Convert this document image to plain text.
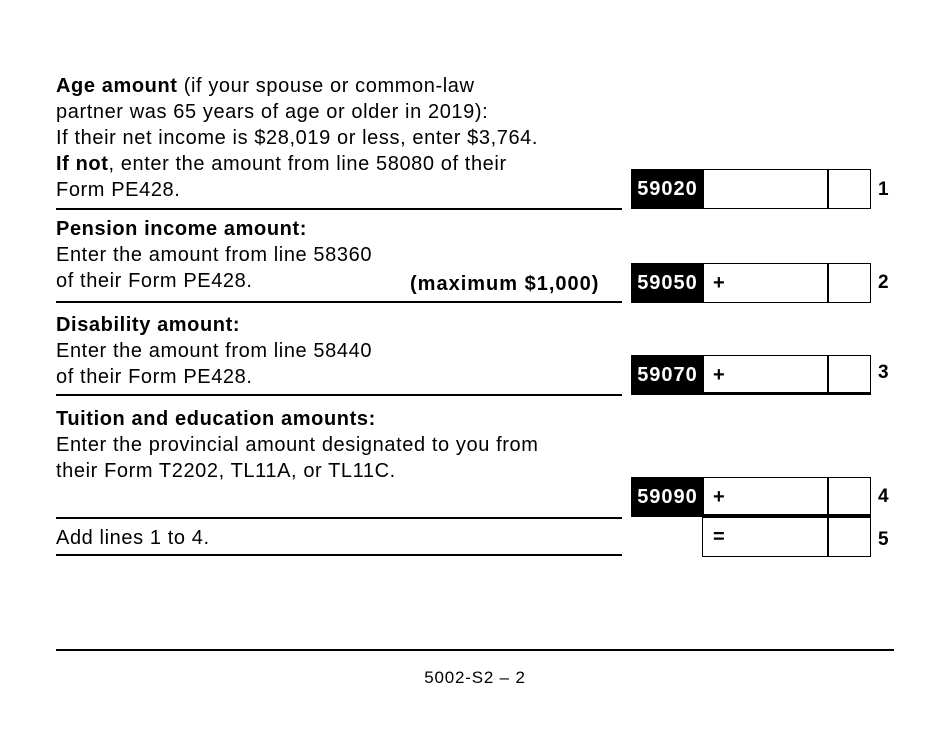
Age amount (if your spouse or common-law
partner was 65 years of age or older in 2019):
If their net income is $28,019 or less, enter $3,764.
If not, enter the amount from line 58080 of their
Form PE428.	59020	1
Pension income amount:
Enter the amount from line 58360
of their Form PE428.	(maximum $1,000)	59050 +	2
Disability amount:
Enter the amount from line 58440
of their Form PE428.	59070 +	3
Tuition and education amounts:
Enter the provincial amount designated to you from
their Form T2202, TL11A, or TL11C.
59090 +	4
Add lines 1 to 4.	=	5
5002-S2 – 2
